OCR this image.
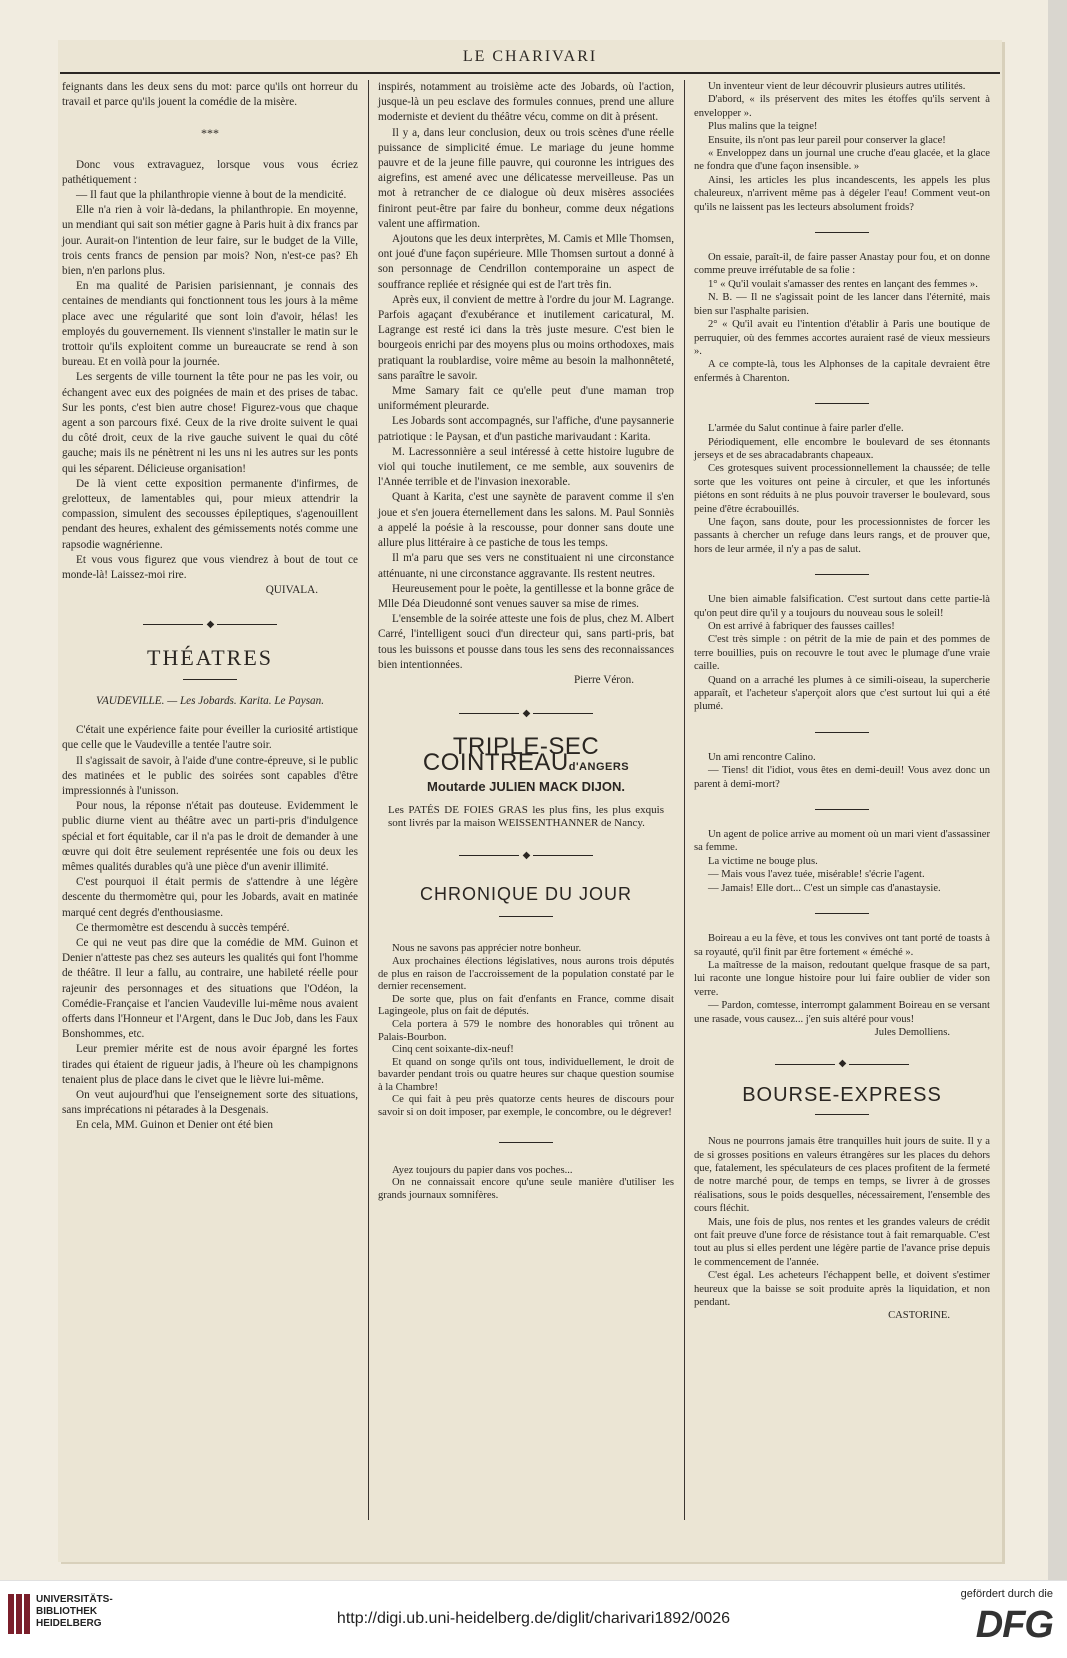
LE CHARIVARI

feignants dans les deux sens du mot: parce qu'ils ont horreur du travail et parce qu'ils jouent la comédie de la misère.

***

Donc vous extravaguez, lorsque vous vous écriez pathétiquement :

— Il faut que la philanthropie vienne à bout de la mendicité.

Elle n'a rien à voir là-dedans, la philanthropie. En moyenne, un mendiant qui sait son métier gagne à Paris huit à dix francs par jour. Aurait-on l'intention de leur faire, sur le budget de la Ville, trois cents francs de pension par mois? Non, n'est-ce pas? Eh bien, n'en parlons plus.

En ma qualité de Parisien parisiennant, je connais des centaines de mendiants qui fonctionnent tous les jours à la même place avec une régularité que sont loin d'avoir, hélas! les employés du gouvernement. Ils viennent s'installer le matin sur le trottoir qu'ils exploitent comme un bureaucrate se rend à son bureau. Et en voilà pour la journée.

Les sergents de ville tournent la tête pour ne pas les voir, ou échangent avec eux des poignées de main et des prises de tabac. Sur les ponts, c'est bien autre chose! Figurez-vous que chaque agent a son parcours fixé. Ceux de la rive droite suivent le quai du côté droit, ceux de la rive gauche suivent le quai du côté gauche; mais ils ne pénètrent ni les uns ni les autres sur les ponts qui les séparent. Délicieuse organisation!

De là vient cette exposition permanente d'infirmes, de grelotteux, de lamentables qui, pour mieux attendrir la compassion, simulent des secousses épileptiques, s'agenouillent pendant des heures, exhalent des gémissements notés comme une rapsodie wagnérienne.

Et vous vous figurez que vous viendrez à bout de tout ce monde-là! Laissez-moi rire.

QUIVALA.

◆
THÉATRES

VAUDEVILLE. — Les Jobards. Karita. Le Paysan.

C'était une expérience faite pour éveiller la curiosité artistique que celle que le Vaudeville a tentée l'autre soir.

Il s'agissait de savoir, à l'aide d'une contre-épreuve, si le public des matinées et le public des soirées sont capables d'être impressionnés à l'unisson.

Pour nous, la réponse n'était pas douteuse. Evidemment le public diurne vient au théâtre avec un parti-pris d'indulgence spécial et fort équitable, car il n'a pas le droit de demander à une œuvre qui doit être seulement représentée une fois ou deux les mêmes qualités durables qu'à une pièce d'un avenir illimité.

C'est pourquoi il était permis de s'attendre à une légère descente du thermomètre qui, pour les Jobards, avait en matinée marqué cent degrés d'enthousiasme.

Ce thermomètre est descendu à succès tempéré.

Ce qui ne veut pas dire que la comédie de MM. Guinon et Denier n'atteste pas chez ses auteurs les qualités qui font l'homme de théâtre. Il leur a fallu, au contraire, une habileté réelle pour rajeunir des personnages et des situations que l'Odéon, la Comédie-Française et l'ancien Vaudeville lui-même nous avaient offerts dans l'Honneur et l'Argent, dans le Duc Job, dans les Faux Bonshommes, etc.

Leur premier mérite est de nous avoir épargné les fortes tirades qui étaient de rigueur jadis, à l'heure où les champignons tenaient plus de place dans le civet que le lièvre lui-même.

On veut aujourd'hui que l'enseignement sorte des situations, sans imprécations ni pétarades à la Desgenais.

En cela, MM. Guinon et Denier ont été bien

inspirés, notamment au troisième acte des Jobards, où l'action, jusque-là un peu esclave des formules connues, prend une allure moderniste et devient du théâtre vécu, comme on dit à présent.

Il y a, dans leur conclusion, deux ou trois scènes d'une réelle puissance de simplicité émue. Le mariage du jeune homme pauvre et de la jeune fille pauvre, qui couronne les intrigues des aigrefins, est amené avec une délicatesse merveilleuse. Pas un mot à retrancher de ce dialogue où deux misères associées finiront peut-être par faire du bonheur, comme deux négations valent une affirmation.

Ajoutons que les deux interprètes, M. Camis et Mlle Thomsen, ont joué d'une façon supérieure. Mlle Thomsen surtout a donné à son personnage de Cendrillon contemporaine un aspect de souffrance repliée et résignée qui est de l'art très fin.

Après eux, il convient de mettre à l'ordre du jour M. Lagrange. Parfois agaçant d'exubérance et inutilement caricatural, M. Lagrange est resté ici dans la très juste mesure. C'est bien le bourgeois enrichi par des moyens plus ou moins orthodoxes, mais pratiquant la roublardise, voire même au besoin la malhonnêteté, sans paraître le savoir.

Mme Samary fait ce qu'elle peut d'une maman trop uniformément pleurarde.

Les Jobards sont accompagnés, sur l'affiche, d'une paysannerie patriotique : le Paysan, et d'un pastiche marivaudant : Karita.

M. Lacressonnière a seul intéressé à cette histoire lugubre de viol qui touche inutilement, ce me semble, aux souvenirs de l'Année terrible et de l'invasion inexorable.

Quant à Karita, c'est une saynète de paravent comme il s'en joue et s'en jouera éternellement dans les salons. M. Paul Sonniès a appelé la poésie à la rescousse, pour donner sans doute une allure plus littéraire à ce pastiche de tous les temps.

Il m'a paru que ses vers ne constituaient ni une circonstance atténuante, ni une circonstance aggravante. Ils restent neutres.

Heureusement pour le poète, la gentillesse et la bonne grâce de Mlle Déa Dieudonné sont venues sauver sa mise de rimes.

L'ensemble de la soirée atteste une fois de plus, chez M. Albert Carré, l'intelligent souci d'un directeur qui, sans parti-pris, bat tous les buissons et pousse dans tous les sens des reconnaissances bien intentionnées.

Pierre Véron.

◆
TRIPLE-SEC COINTREAUd'ANGERS
Moutarde JULIEN MACK DIJON.

Les PATÉS DE FOIES GRAS les plus fins, les plus exquis sont livrés par la maison WEISSENTHANNER de Nancy.

◆
CHRONIQUE DU JOUR

Nous ne savons pas apprécier notre bonheur.

Aux prochaines élections législatives, nous aurons trois députés de plus en raison de l'accroissement de la population constaté par le dernier recensement.

De sorte que, plus on fait d'enfants en France, comme disait Lagingeole, plus on fait de députés.

Cela portera à 579 le nombre des honorables qui trônent au Palais-Bourbon.

Cinq cent soixante-dix-neuf!

Et quand on songe qu'ils ont tous, individuellement, le droit de bavarder pendant trois ou quatre heures sur chaque question soumise à la Chambre!

Ce qui fait à peu près quatorze cents heures de discours pour savoir si on doit imposer, par exemple, le concombre, ou le dégrever!

Ayez toujours du papier dans vos poches...

On ne connaissait encore qu'une seule manière d'utiliser les grands journaux somnifères.

Un inventeur vient de leur découvrir plusieurs autres utilités.

D'abord, « ils préservent des mites les étoffes qu'ils servent à envelopper ».

Plus malins que la teigne!

Ensuite, ils n'ont pas leur pareil pour conserver la glace!

« Enveloppez dans un journal une cruche d'eau glacée, et la glace ne fondra que d'une façon insensible. »

Ainsi, les articles les plus incandescents, les appels les plus chaleureux, n'arrivent même pas à dégeler l'eau! Comment veut-on qu'ils ne laissent pas les lecteurs absolument froids?

On essaie, paraît-il, de faire passer Anastay pour fou, et on donne comme preuve irréfutable de sa folie :

1° « Qu'il voulait s'amasser des rentes en lançant des femmes ».

N. B. — Il ne s'agissait point de les lancer dans l'éternité, mais bien sur l'asphalte parisien.

2° « Qu'il avait eu l'intention d'établir à Paris une boutique de perruquier, où des femmes accortes auraient rasé de vieux messieurs ».

A ce compte-là, tous les Alphonses de la capitale devraient être enfermés à Charenton.

L'armée du Salut continue à faire parler d'elle.

Périodiquement, elle encombre le boulevard de ses étonnants jerseys et de ses abracadabrants chapeaux.

Ces grotesques suivent processionnellement la chaussée; de telle sorte que les voitures ont peine à circuler, et que les infortunés piétons en sont réduits à ne plus pouvoir traverser le boulevard, sous peine d'être écrabouillés.

Une façon, sans doute, pour les processionnistes de forcer les passants à chercher un refuge dans leurs rangs, et de prouver que, hors de leur armée, il n'y a pas de salut.

Une bien aimable falsification. C'est surtout dans cette partie-là qu'on peut dire qu'il y a toujours du nouveau sous le soleil!

On est arrivé à fabriquer des fausses cailles!

C'est très simple : on pétrit de la mie de pain et des pommes de terre bouillies, puis on recouvre le tout avec le plumage d'une vraie caille.

Quand on a arraché les plumes à ce simili-oiseau, la supercherie apparaît, et l'acheteur s'aperçoit alors que c'est surtout lui qui a été plumé.

Un ami rencontre Calino.

— Tiens! dit l'idiot, vous êtes en demi-deuil! Vous avez donc un parent à demi-mort?

Un agent de police arrive au moment où un mari vient d'assassiner sa femme.

La victime ne bouge plus.

— Mais vous l'avez tuée, misérable! s'écrie l'agent.

— Jamais! Elle dort... C'est un simple cas d'anastaysie.

Boireau a eu la fève, et tous les convives ont tant porté de toasts à sa royauté, qu'il finit par être fortement « éméché ».

La maîtresse de la maison, redoutant quelque frasque de sa part, lui raconte une longue histoire pour lui faire oublier de vider son verre.

— Pardon, comtesse, interrompt galamment Boireau en se versant une rasade, vous causez... j'en suis altéré pour vous!

Jules Demolliens.

◆
BOURSE-EXPRESS

Nous ne pourrons jamais être tranquilles huit jours de suite. Il y a de si grosses positions en valeurs étrangères sur les places du dehors que, fatalement, les spéculateurs de ces places profitent de la fermeté de notre marché pour, de temps en temps, se livrer à de grosses réalisations, sous le poids desquelles, nécessairement, l'ensemble des cours fléchit.

Mais, une fois de plus, nos rentes et les grandes valeurs de crédit ont fait preuve d'une force de résistance tout à fait remarquable. C'est tout au plus si elles perdent une légère partie de l'avance prise depuis le commencement de l'année.

C'est égal. Les acheteurs l'échappent belle, et doivent s'estimer heureux que la baisse se soit produite après la liquidation, et non pendant.

CASTORINE.

UNIVERSITÄTS-
BIBLIOTHEK
HEIDELBERG	http://digi.ub.uni-heidelberg.de/diglit/charivari1892/0026
gefördert durch die
DFG
